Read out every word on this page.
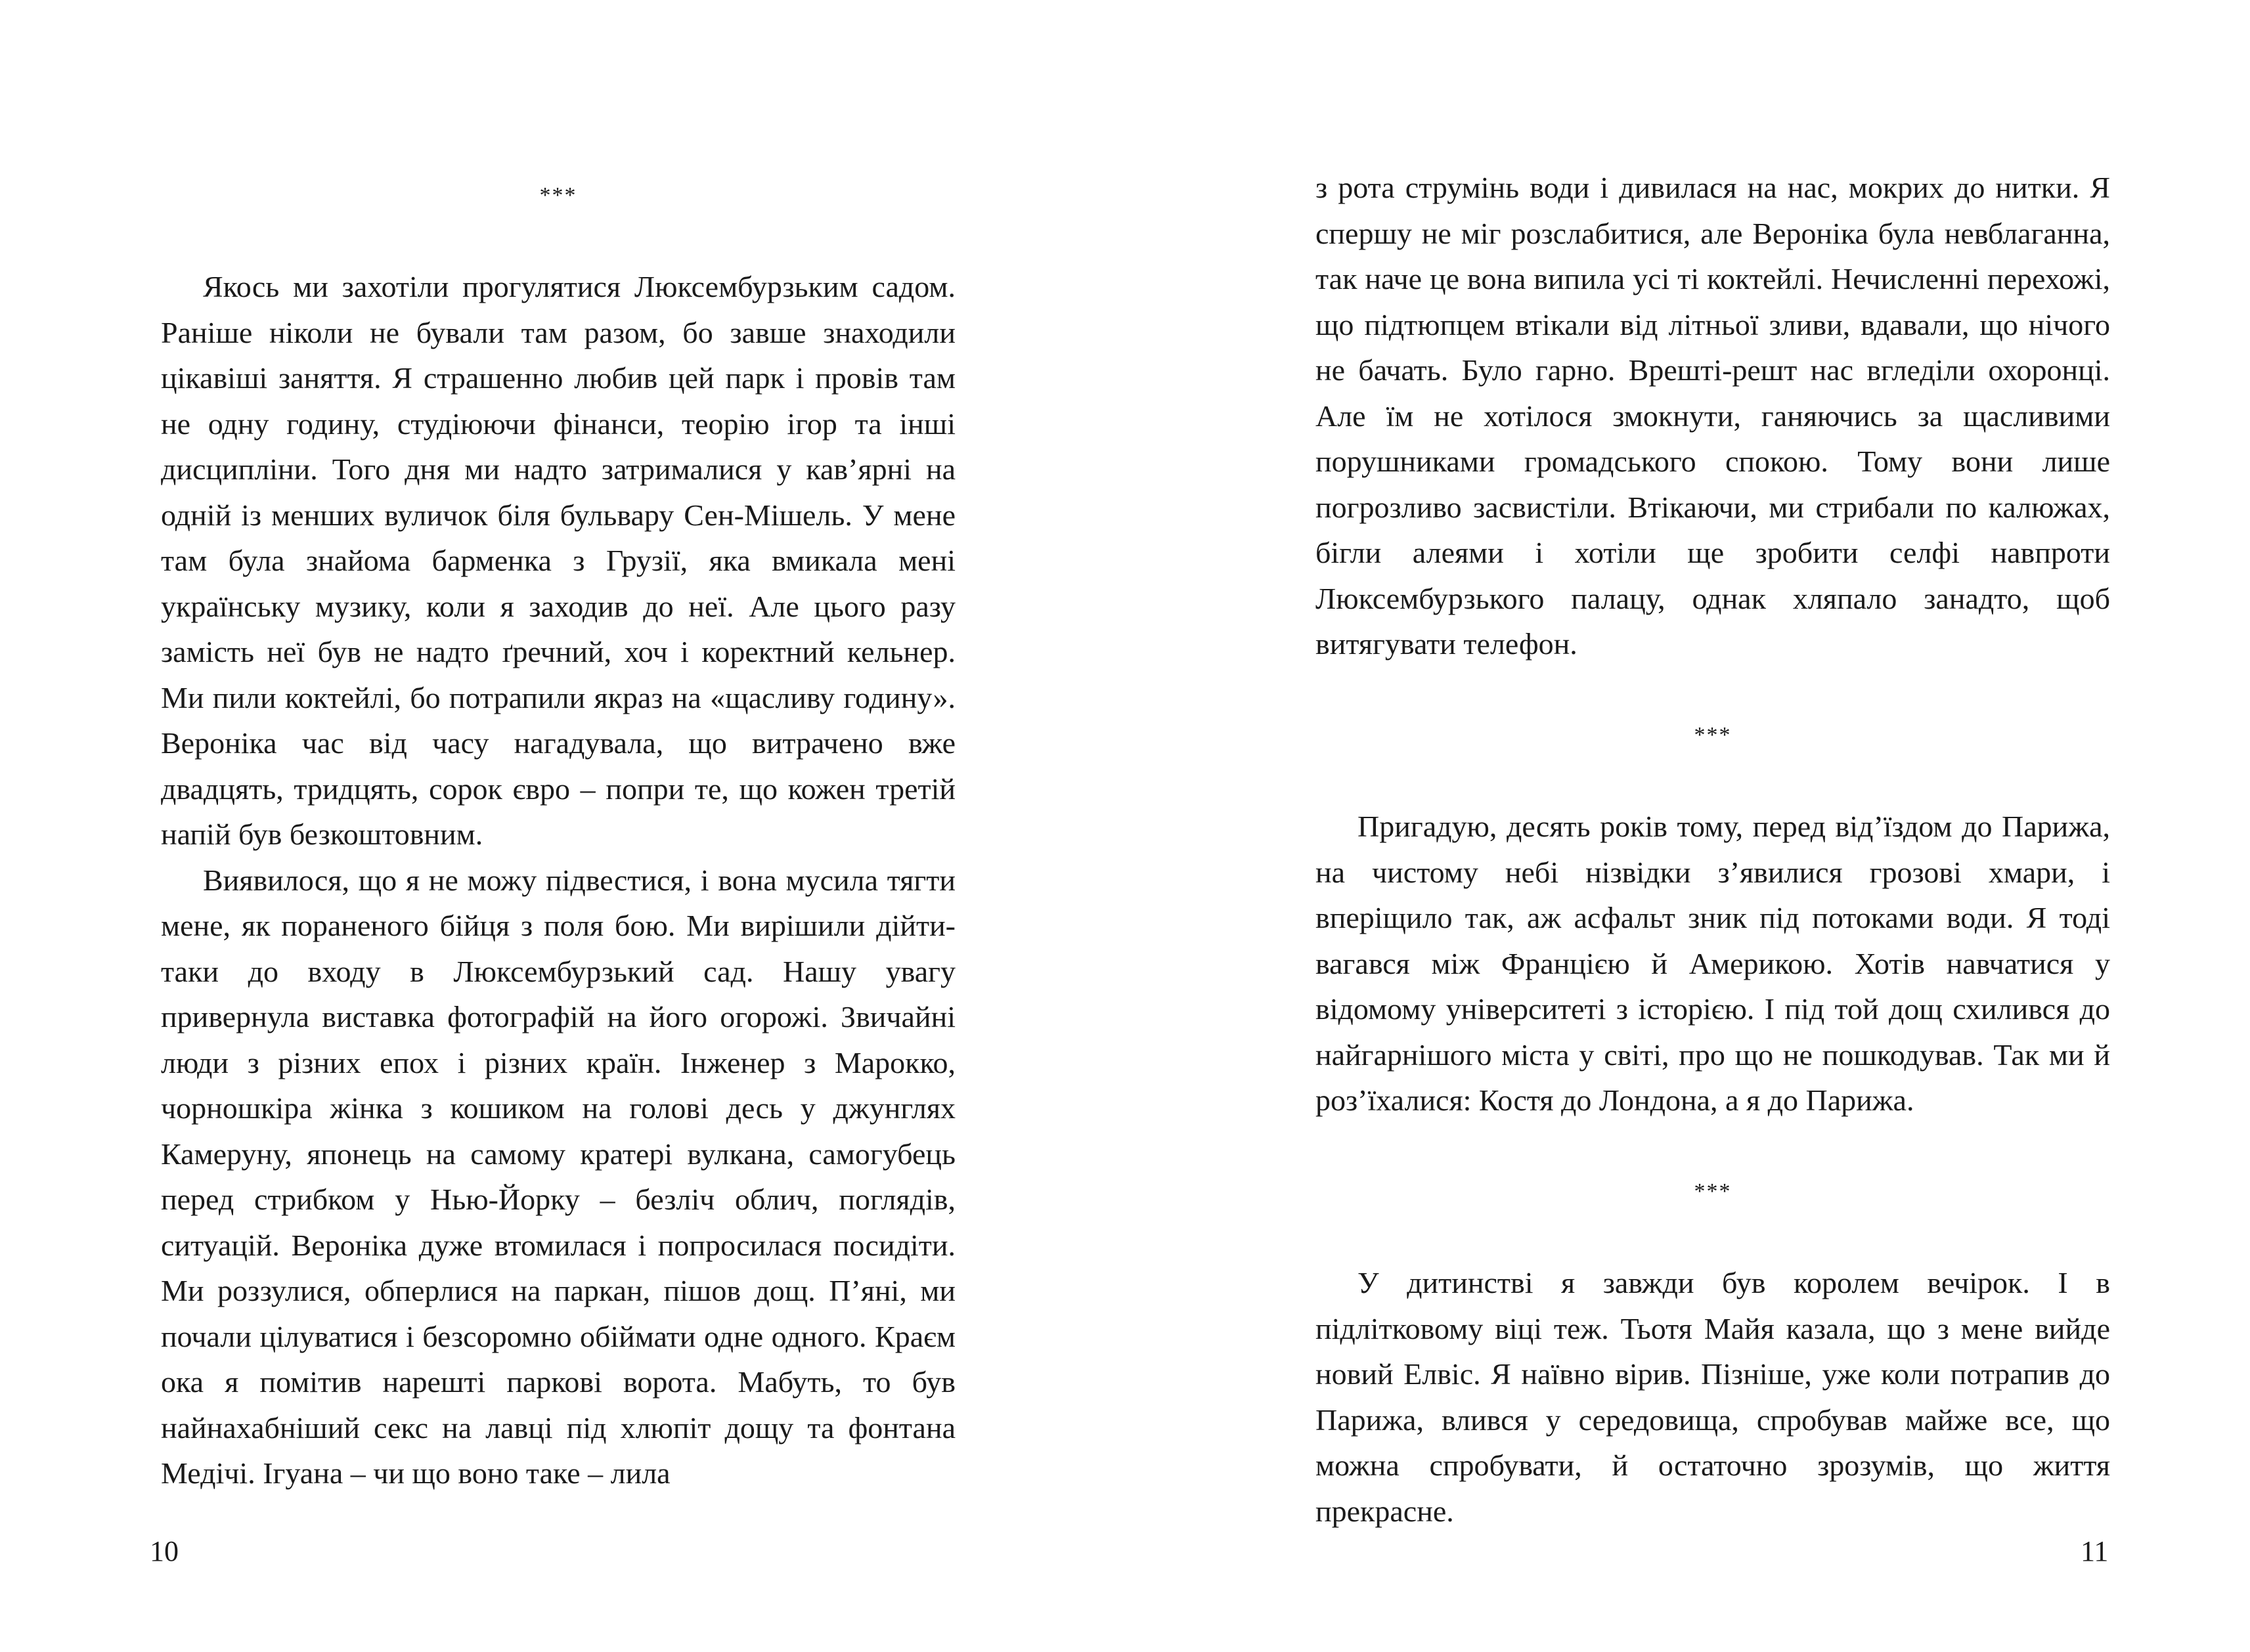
***

Якось ми захотіли прогулятися Люксембурзьким садом. Раніше ніколи не бували там разом, бо завше знаходили цікавіші заняття. Я страшенно любив цей парк і провів там не одну годину, студіюючи фінанси, теорію ігор та інші дисципліни. Того дня ми надто затрималися у кав’ярні на одній із менших вуличок біля бульвару Сен-Мішель. У мене там була знайома барменка з Грузії, яка вмикала мені українську музику, коли я заходив до неї. Але цього разу замість неї був не надто ґречний, хоч і коректний кельнер. Ми пили коктейлі, бо потрапили якраз на «щасливу годину». Вероніка час від часу нагадувала, що витрачено вже двадцять, тридцять, сорок євро – попри те, що кожен третій напій був безкоштовним.

Виявилося, що я не можу підвестися, і вона мусила тягти мене, як пораненого бійця з поля бою. Ми вирішили дійти-таки до входу в Люксембурзький сад. Нашу увагу привернула виставка фотографій на його огорожі. Звичайні люди з різних епох і різних країн. Інженер з Марокко, чорношкіра жінка з кошиком на голові десь у джунглях Камеруну, японець на самому кратері вулкана, самогубець перед стрибком у Нью-Йорку – безліч облич, поглядів, ситуацій. Вероніка дуже втомилася і попросилася посидіти. Ми роззулися, обперлися на паркан, пішов дощ. П’яні, ми почали цілуватися і безсоромно обіймати одне одного. Краєм ока я помітив нарешті паркові ворота. Мабуть, то був найнахабніший секс на лавці під хлюпіт дощу та фонтана Медічі. Ігуана – чи що воно таке – лила

10

з рота струмінь води і дивилася на нас, мокрих до нитки. Я спершу не міг розслабитися, але Вероніка була невблаганна, так наче це вона випила усі ті коктейлі. Нечисленні перехожі, що підтюпцем втікали від літньої зливи, вдавали, що нічого не бачать. Було гарно. Врешті-решт нас вгледіли охоронці. Але їм не хотілося змокнути, ганяючись за щасливими порушниками громадського спокою. Тому вони лише погрозливо засвистіли. Втікаючи, ми стрибали по калюжах, бігли алеями і хотіли ще зробити селфі навпроти Люксембурзького палацу, однак хляпало занадто, щоб витягувати телефон.

***

Пригадую, десять років тому, перед від’їздом до Парижа, на чистому небі нізвідки з’явилися грозові хмари, і вперіщило так, аж асфальт зник під потоками води. Я тоді вагався між Францією й Америкою. Хотів навчатися у відомому університеті з історією. І під той дощ схилився до найгарнішого міста у світі, про що не пошкодував. Так ми й роз’їхалися: Костя до Лондона, а я до Парижа.

***

У дитинстві я завжди був королем вечірок. І в підлітковому віці теж. Тьотя Майя казала, що з мене вийде новий Елвіс. Я наївно вірив. Пізніше, уже коли потрапив до Парижа, влився у середовища, спробував майже все, що можна спробувати, й остаточно зрозумів, що життя прекрасне.

11
